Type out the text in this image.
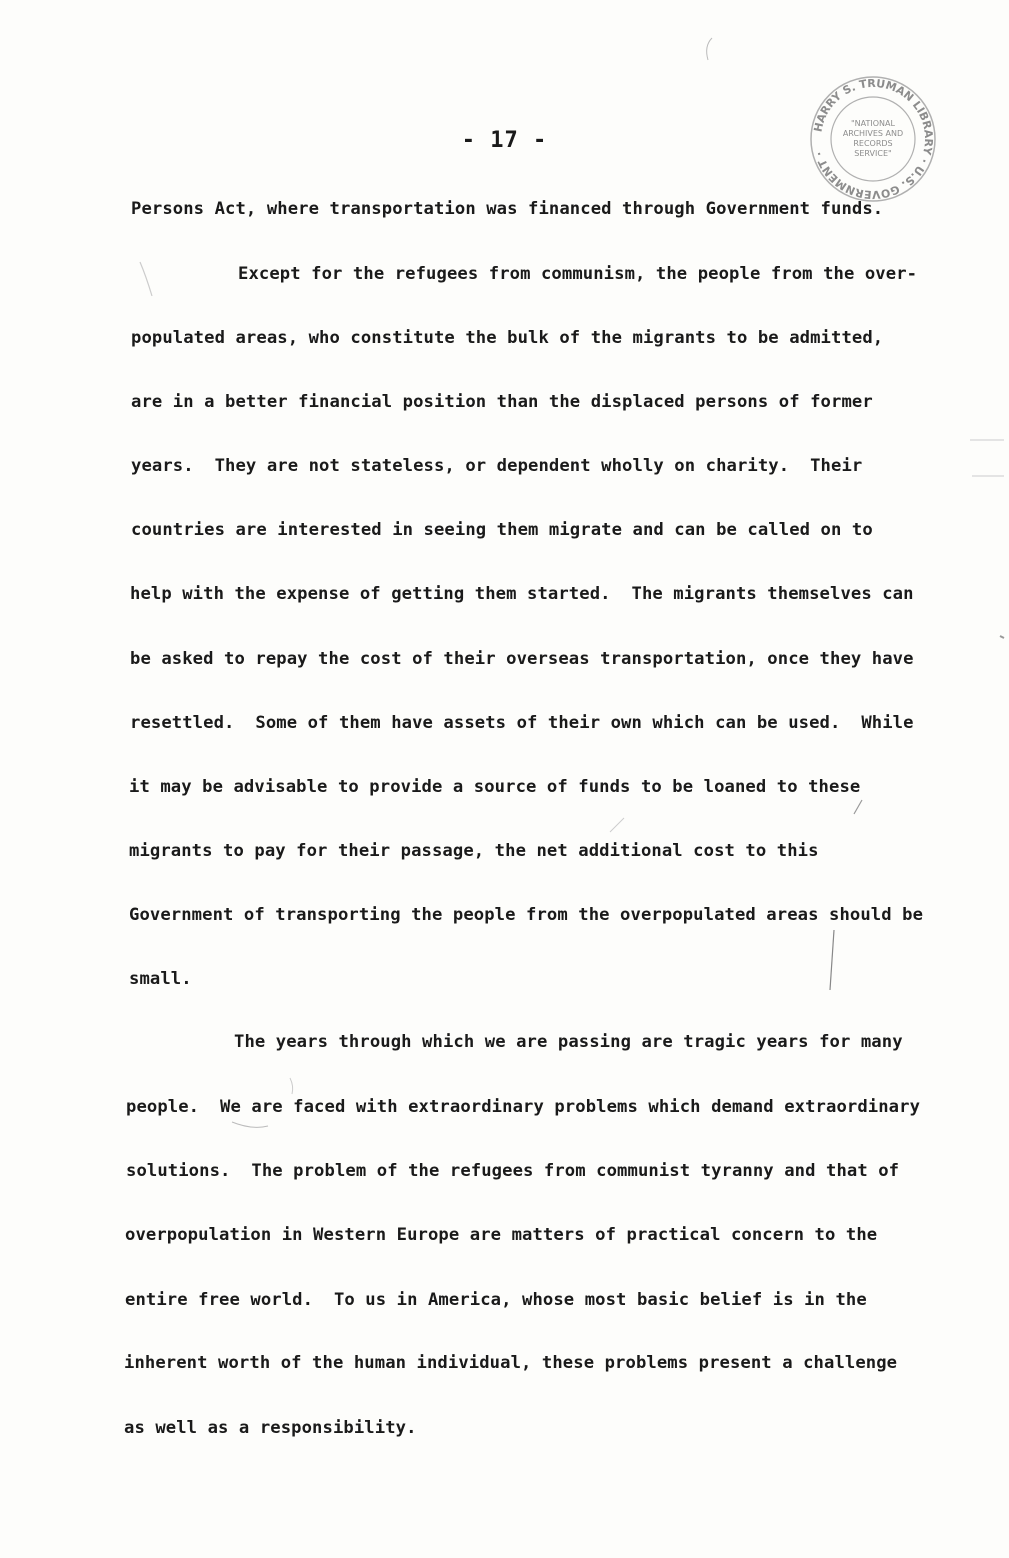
- 17 -
HARRY S. TRUMAN LIBRARY · U.S. GOVERNMENT ·
"NATIONAL
ARCHIVES AND
RECORDS
SERVICE"
Persons Act, where transportation was financed through Government funds.
Except for the refugees from communism, the people from the over-
populated areas, who constitute the bulk of the migrants to be admitted,
are in a better financial position than the displaced persons of former
years.  They are not stateless, or dependent wholly on charity.  Their
countries are interested in seeing them migrate and can be called on to
help with the expense of getting them started.  The migrants themselves can
be asked to repay the cost of their overseas transportation, once they have
resettled.  Some of them have assets of their own which can be used.  While
it may be advisable to provide a source of funds to be loaned to these
migrants to pay for their passage, the net additional cost to this
Government of transporting the people from the overpopulated areas should be
small.
The years through which we are passing are tragic years for many
people.  We are faced with extraordinary problems which demand extraordinary
solutions.  The problem of the refugees from communist tyranny and that of
overpopulation in Western Europe are matters of practical concern to the
entire free world.  To us in America, whose most basic belief is in the
inherent worth of the human individual, these problems present a challenge
as well as a responsibility.
